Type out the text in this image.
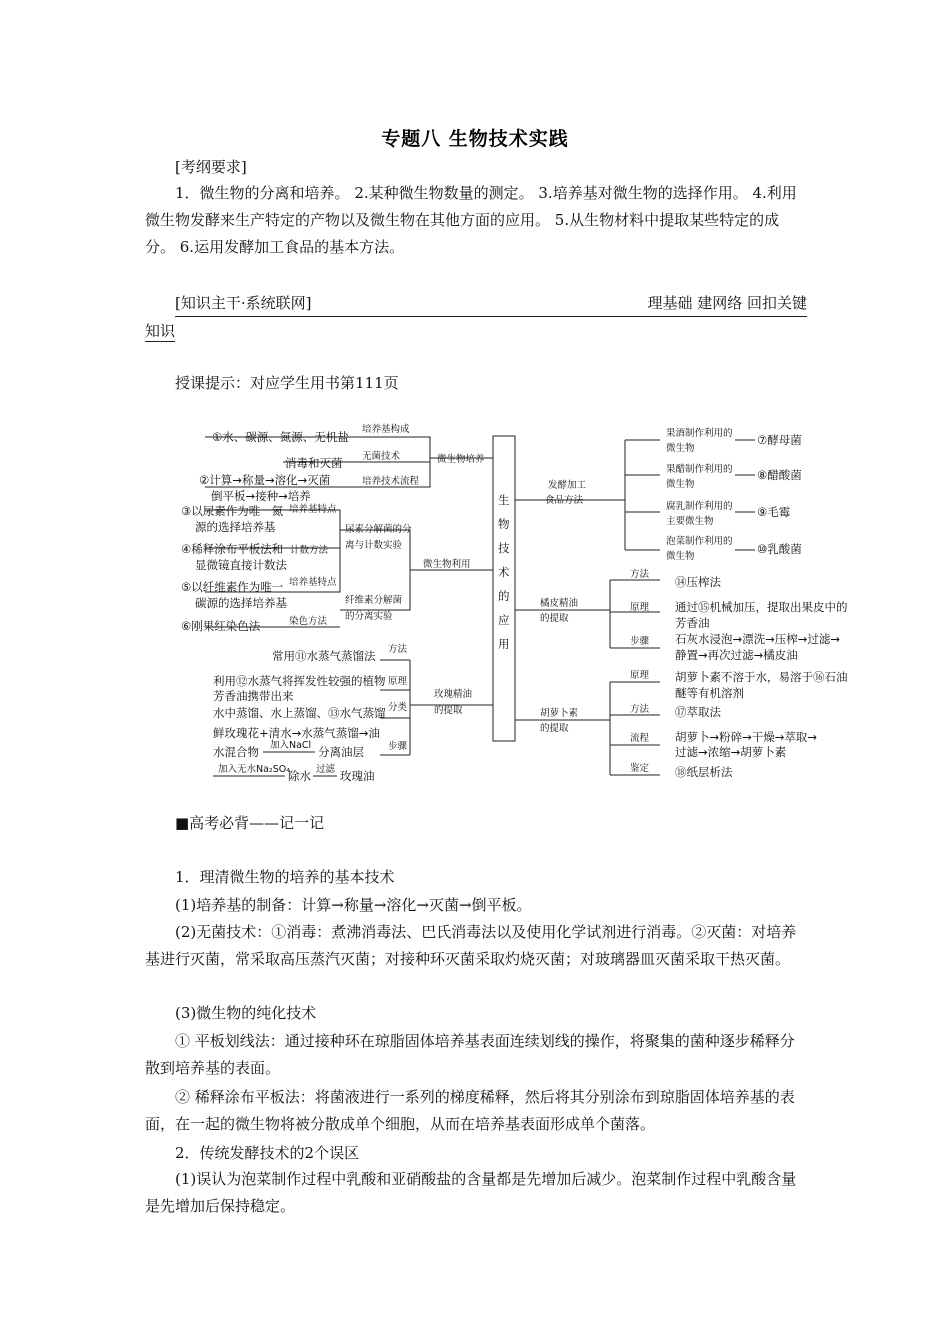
专题八 生物技术实践
[考纲要求]
1．微生物的分离和培养。 2.某种微生物数量的测定。 3.培养基对微生物的选择作用。 4.利用微生物发酵来生产特定的产物以及微生物在其他方面的应用。 5.从生物材料中提取某些特定的成分。 6.运用发酵加工食品的基本方法。
[知识主干·系统联网]	理基础 建网络 回扣关键
知识
授课提示：对应学生用书第111页
生
物
技
术
的
应
用
微生物培养
微生物利用
玫瑰精油
的提取
发酵加工
食品方法
橘皮精油
的提取
胡萝卜素
的提取
培养基构成
无菌技术
培养技术流程
尿素分解菌的分
离与计数实验
纤维素分解菌
的分离实验
方法
原理
分类
步骤
培养基特点
计数方法
培养基特点
染色方法
①水、碳源、氮源、无机盐
消毒和灭菌
②计算→称量→溶化→灭菌
倒平板→接种→培养
③以尿素作为唯一氮
源的选择培养基
④稀释涂布平板法和
显微镜直接计数法
⑤以纤维素作为唯一
碳源的选择培养基
⑥刚果红染色法
常用⑪水蒸气蒸馏法
利用⑫水蒸气将挥发性较强的植物
芳香油携带出来
水中蒸馏、水上蒸馏、⑬水气蒸馏
鲜玫瑰花+清水→水蒸气蒸馏→油
水混合物 加入NaCl 分离油层
加入无水Na₂SO₄
除水 过滤 玫瑰油
果酒制作利用的
微生物
⑦酵母菌
果醋制作利用的
微生物
⑧醋酸菌
腐乳制作利用的
主要微生物
⑨毛霉
泡菜制作利用的
微生物
⑩乳酸菌
方法
原理
步骤
原理
方法
流程
鉴定
⑭压榨法
通过⑮机械加压，提取出果皮中的
芳香油
石灰水浸泡→漂洗→压榨→过滤→
静置→再次过滤→橘皮油
胡萝卜素不溶于水，易溶于⑯石油
醚等有机溶剂
⑰萃取法
胡萝卜→粉碎→干燥→萃取→
过滤→浓缩→胡萝卜素
⑱纸层析法
■高考必背——记一记
1．理清微生物的培养的基本技术
(1)培养基的制备：计算→称量→溶化→灭菌→倒平板。
(2)无菌技术：①消毒：煮沸消毒法、巴氏消毒法以及使用化学试剂进行消毒。②灭菌：对培养基进行灭菌，常采取高压蒸汽灭菌；对接种环灭菌采取灼烧灭菌；对玻璃器皿灭菌采取干热灭菌。
(3)微生物的纯化技术
① 平板划线法：通过接种环在琼脂固体培养基表面连续划线的操作，将聚集的菌种逐步稀释分散到培养基的表面。
② 稀释涂布平板法：将菌液进行一系列的梯度稀释，然后将其分别涂布到琼脂固体培养基的表面，在一起的微生物将被分散成单个细胞，从而在培养基表面形成单个菌落。
2．传统发酵技术的2个误区
(1)误认为泡菜制作过程中乳酸和亚硝酸盐的含量都是先增加后减少。泡菜制作过程中乳酸含量是先增加后保持稳定。
